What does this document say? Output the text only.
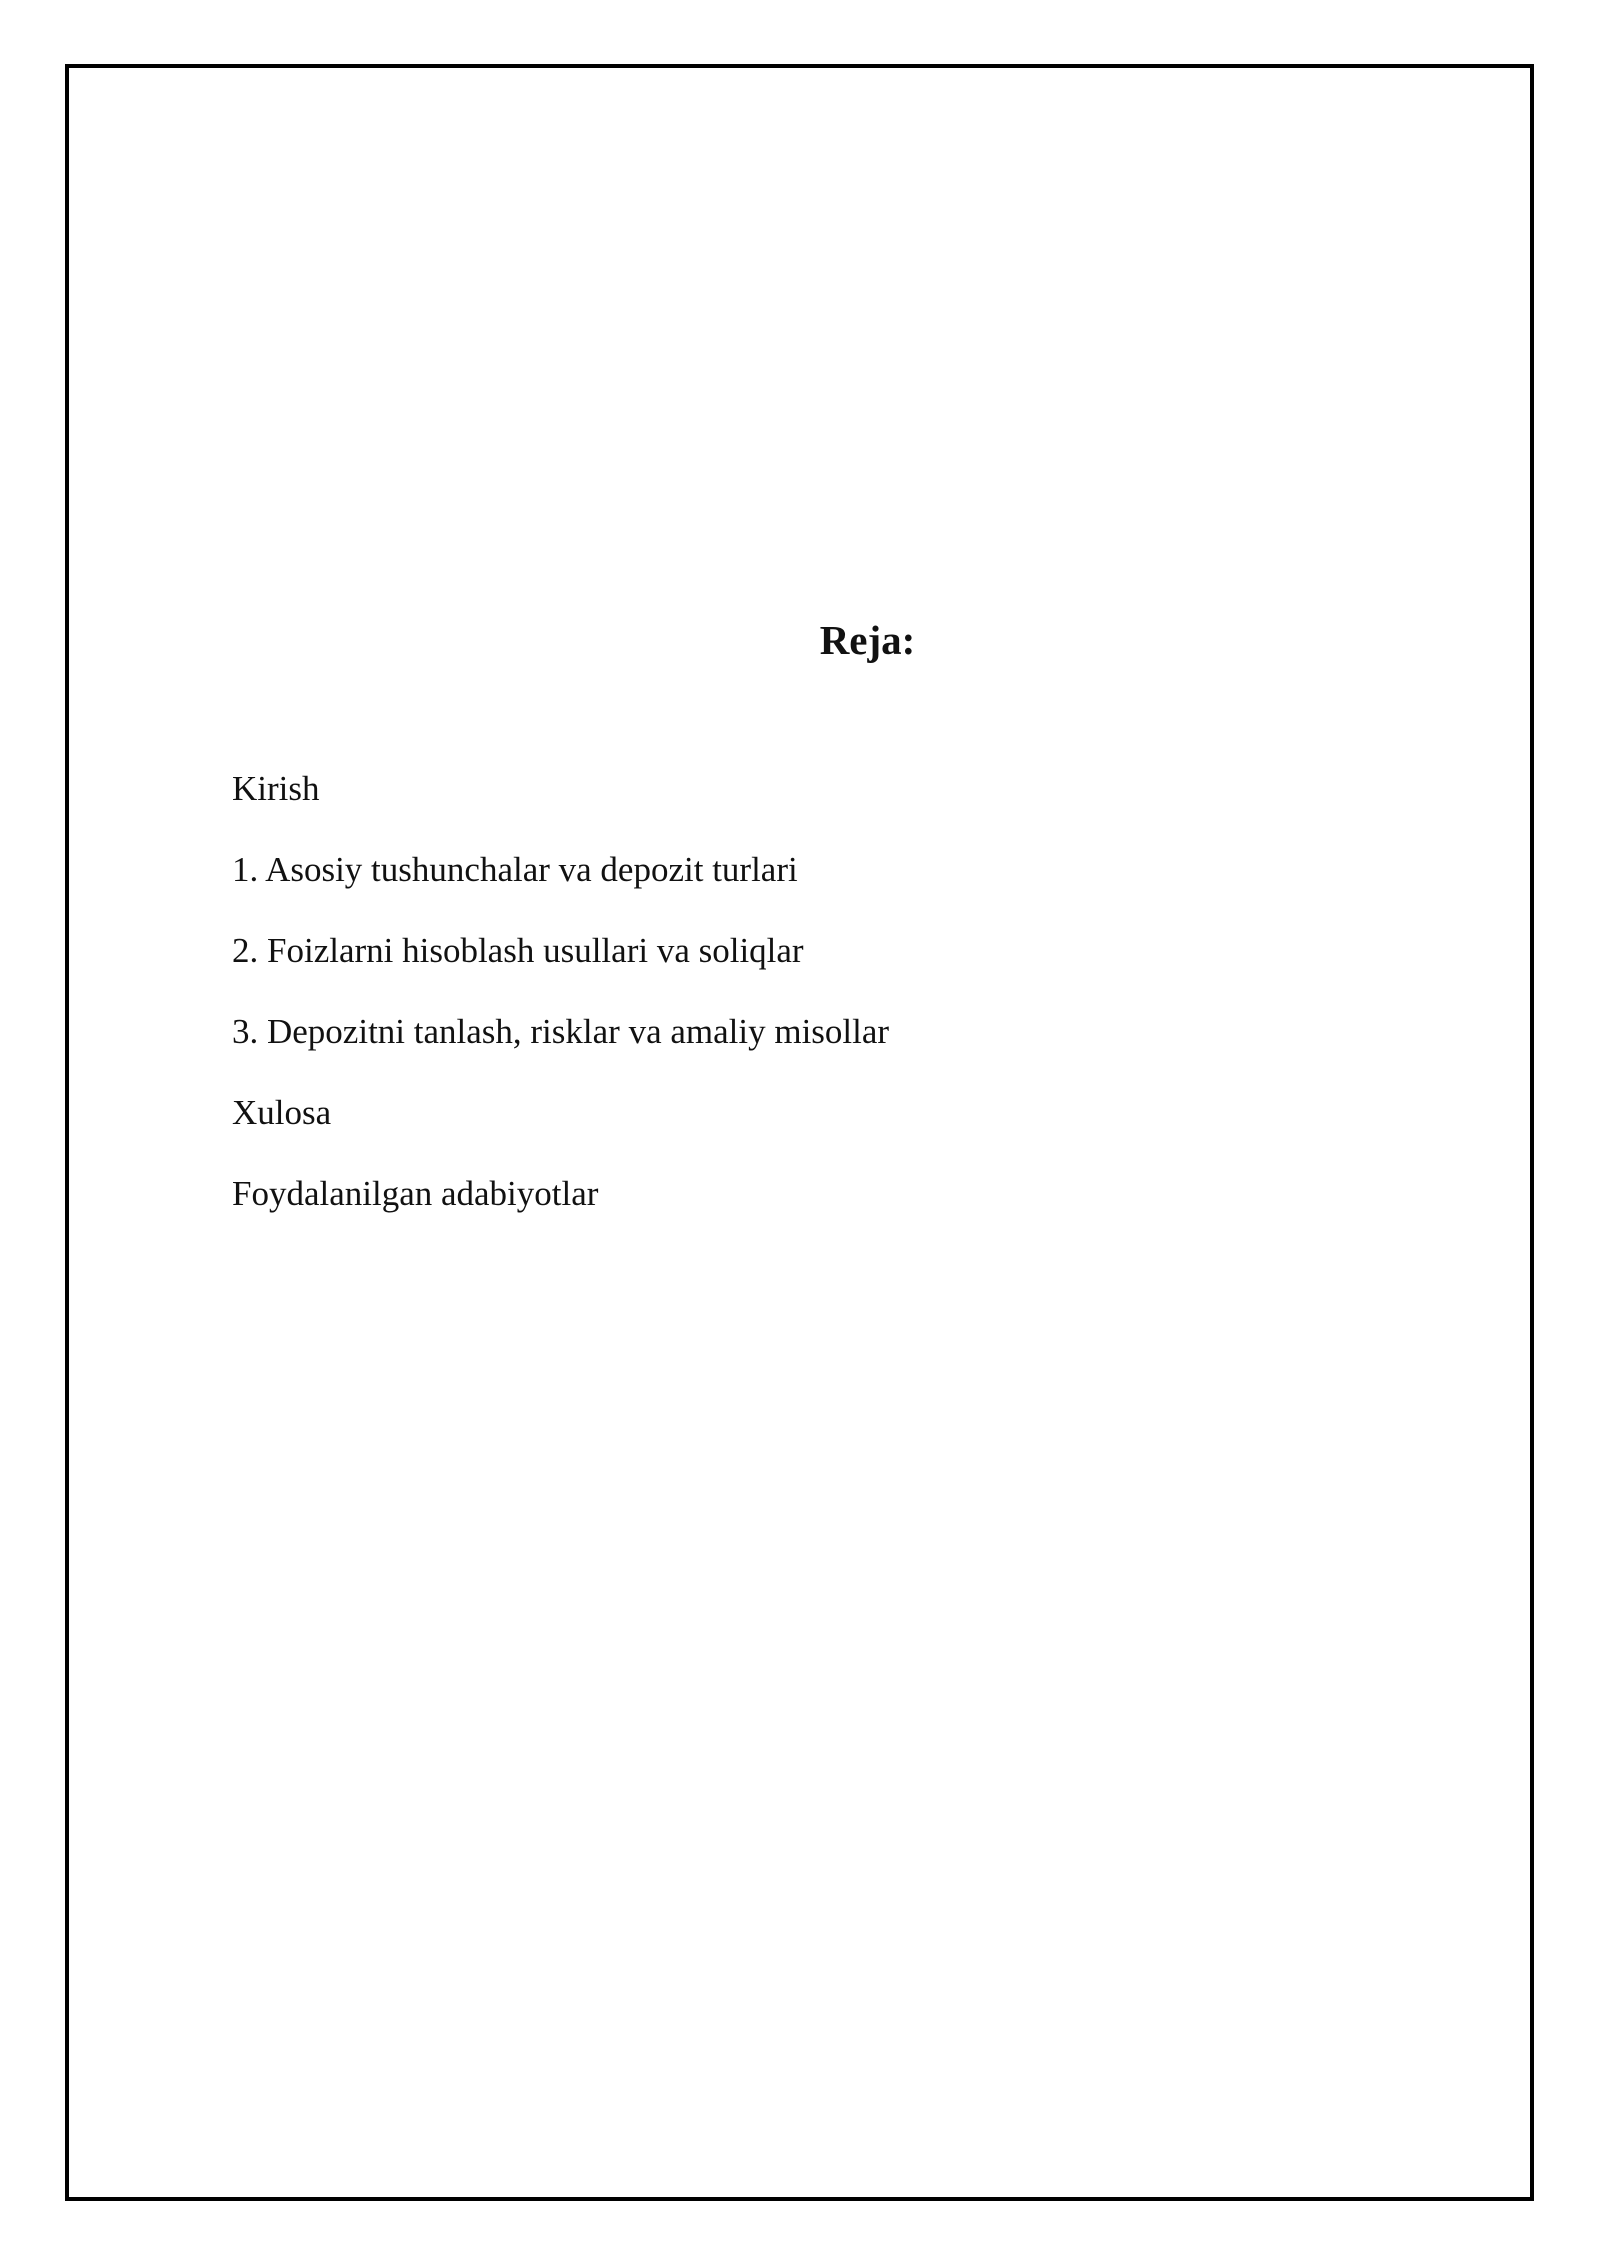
Reja:
Kirish
1. Asosiy tushunchalar va depozit turlari
2. Foizlarni hisoblash usullari va soliqlar
3. Depozitni tanlash, risklar va amaliy misollar
Xulosa
Foydalanilgan adabiyotlar
